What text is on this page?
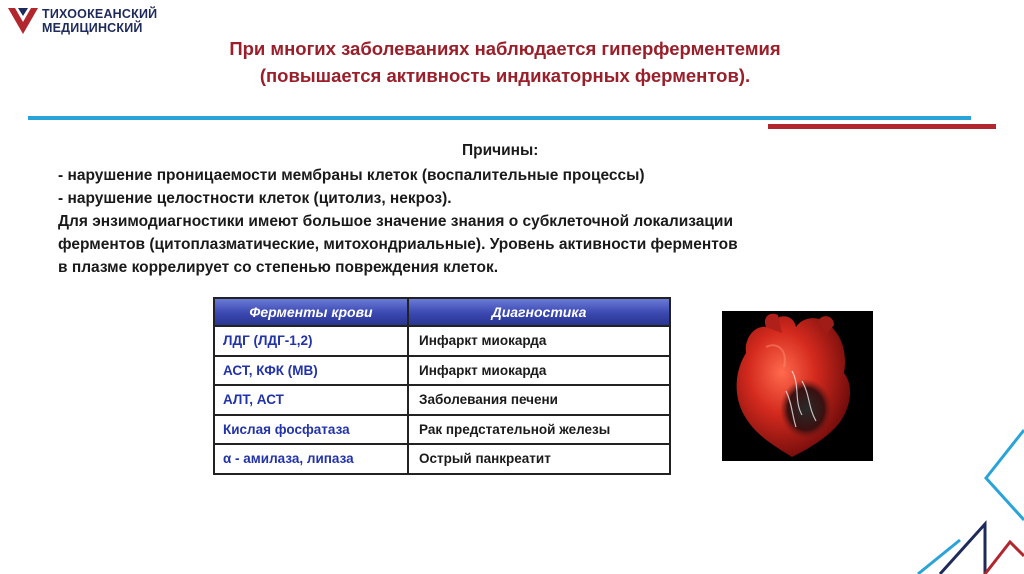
ТИХООКЕАНСКИЙ
МЕДИЦИНСКИЙ
При многих заболеваниях наблюдается гиперферментемия
(повышается активность индикаторных ферментов).
Причины:
- нарушение проницаемости мембраны клеток (воспалительные процессы)
- нарушение целостности клеток (цитолиз, некроз).
Для энзимодиагностики имеют большое значение знания о субклеточной локализации
ферментов (цитоплазматические, митохондриальные). Уровень активности ферментов
в плазме коррелирует со степенью повреждения клеток.
Ферменты крови	Диагностика
ЛДГ (ЛДГ-1,2)	Инфаркт миокарда
АСТ, КФК (МВ)	Инфаркт миокарда
АЛТ, АСТ	Заболевания печени
Кислая фосфатаза	Рак предстательной железы
α - амилаза, липаза	Острый панкреатит
